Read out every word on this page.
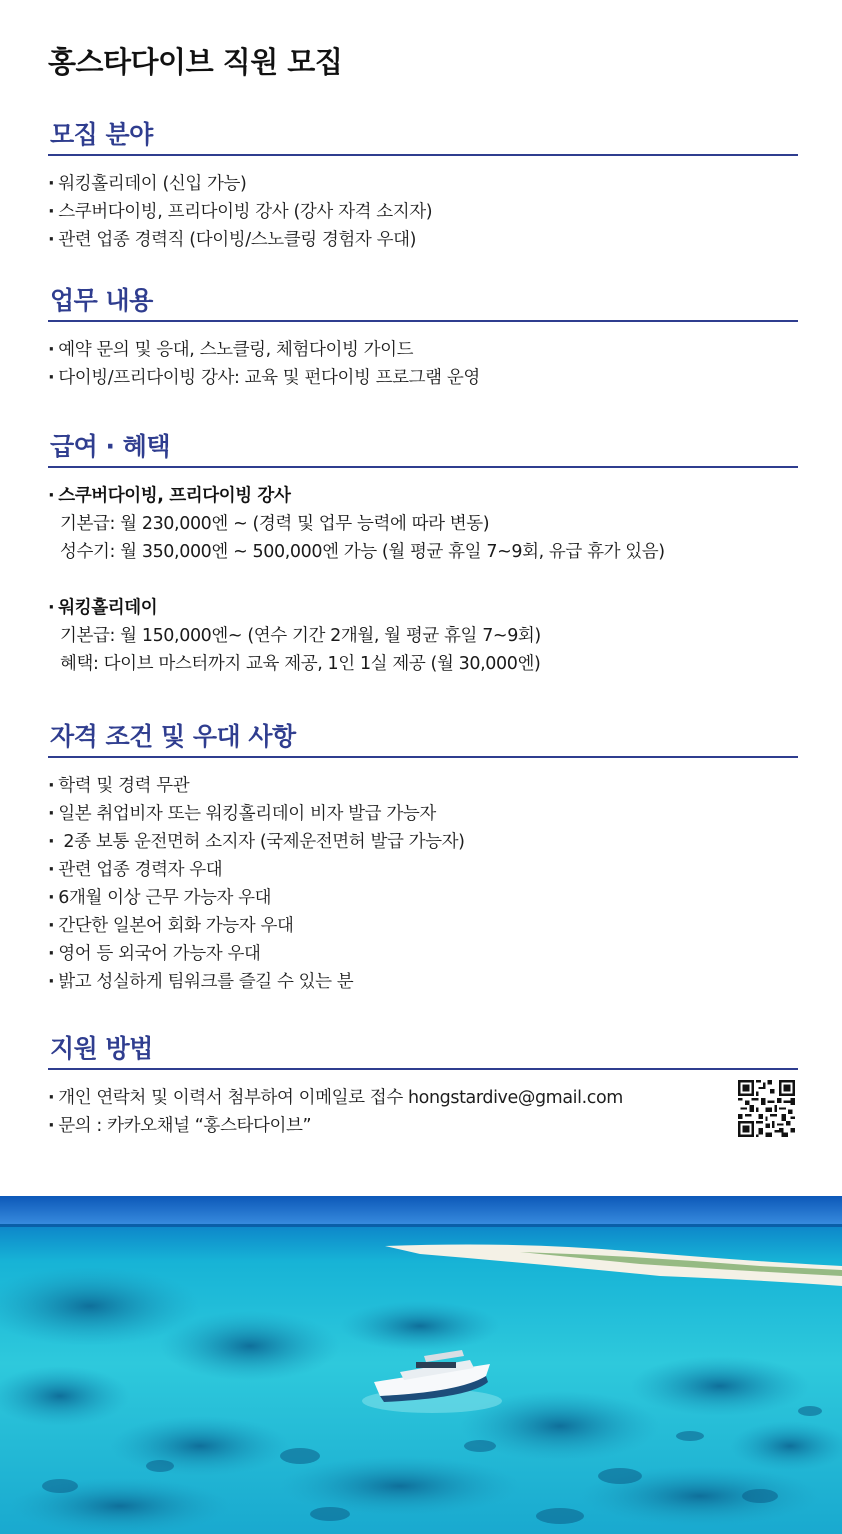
홍스타다이브 직원 모집
모집 분야
· 워킹홀리데이 (신입 가능)
· 스쿠버다이빙, 프리다이빙 강사 (강사 자격 소지자)
· 관련 업종 경력직 (다이빙/스노클링 경험자 우대)
업무 내용
· 예약 문의 및 응대, 스노클링, 체험다이빙 가이드
· 다이빙/프리다이빙 강사: 교육 및 펀다이빙 프로그램 운영
급여 · 혜택
· 스쿠버다이빙, 프리다이빙 강사
기본급: 월 230,000엔 ~ (경력 및 업무 능력에 따라 변동)
성수기: 월 350,000엔 ~ 500,000엔 가능 (월 평균 휴일 7~9회, 유급 휴가 있음)
· 워킹홀리데이
기본급: 월 150,000엔~ (연수 기간 2개월, 월 평균 휴일 7~9회)
혜택: 다이브 마스터까지 교육 제공, 1인 1실 제공 (월 30,000엔)
자격 조건 및 우대 사항
· 학력 및 경력 무관
· 일본 취업비자 또는 워킹홀리데이 비자 발급 가능자
· 2종 보통 운전면허 소지자 (국제운전면허 발급 가능자)
· 관련 업종 경력자 우대
· 6개월 이상 근무 가능자 우대
· 간단한 일본어 회화 가능자 우대
· 영어 등 외국어 가능자 우대
· 밝고 성실하게 팀워크를 즐길 수 있는 분
지원 방법
· 개인 연락처 및 이력서 첨부하여 이메일로 접수 hongstardive@gmail.com
· 문의 : 카카오채널 “홍스타다이브”
